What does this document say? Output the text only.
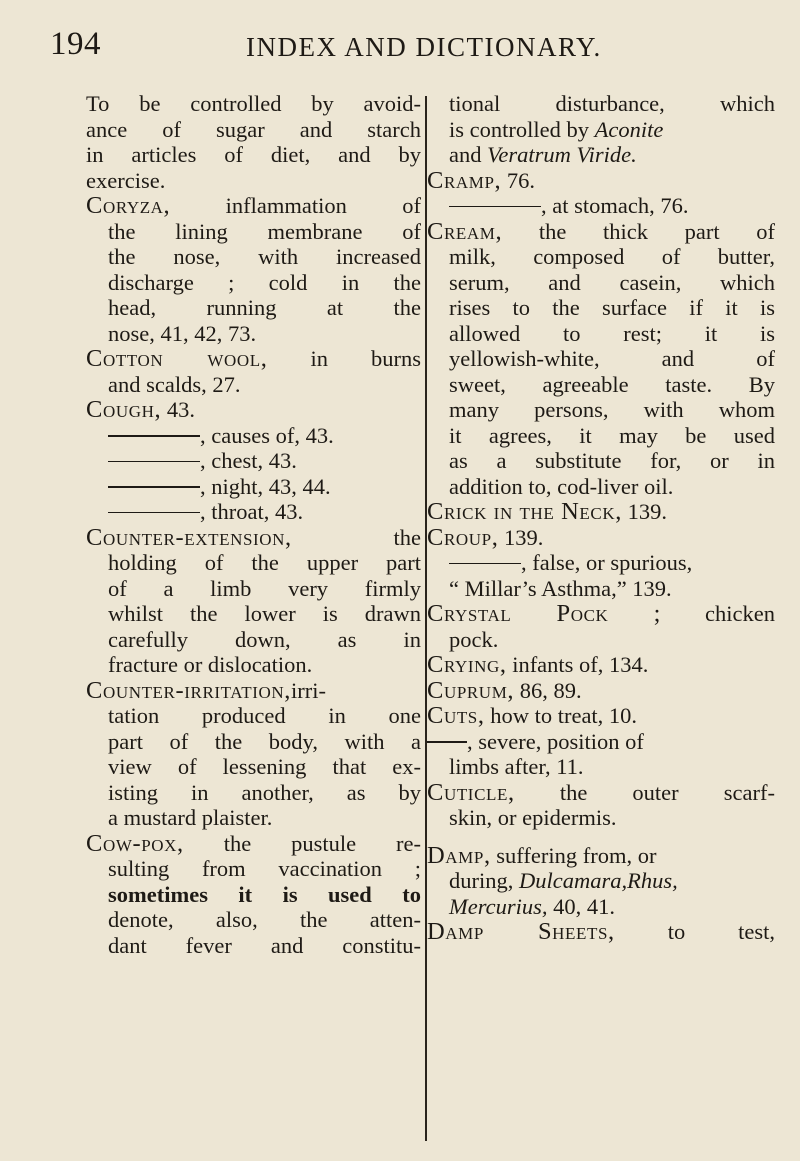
194	INDEX AND DICTIONARY.
To be controlled by avoid-
ance of sugar and starch
in articles of diet, and by
exercise.
Coryza, inflammation of
the lining membrane of
the nose, with increased
discharge ; cold in the
head, running at the
nose, 41, 42, 73.
Cotton wool, in burns
and scalds, 27.
Cough, 43.
, causes of, 43.
, chest, 43.
, night, 43, 44.
, throat, 43.
Counter-extension,	the
holding of the upper part
of a limb very firmly
whilst the lower is drawn
carefully down, as in
fracture or dislocation.
Counter-irritation,irri-
tation produced in one
part of the body, with a
view of lessening that ex-
isting in another, as by
a mustard plaister.
Cow-pox, the pustule re-
sulting from vaccination ;
sometimes it is used to
denote, also, the atten-
dant fever and constitu-
tional disturbance, which
is controlled by Aconite
and Veratrum Viride.
Cramp, 76.
, at stomach, 76.
Cream, the thick part of
milk, composed of butter,
serum, and casein, which
rises to the surface if it is
allowed to rest; it is
yellowish-white, and of
sweet, agreeable taste. By
many persons, with whom
it agrees, it may be used
as a substitute for, or in
addition to, cod-liver oil.
Crick in the Neck, 139.
Croup, 139.
, false, or spurious,
“ Millar’s Asthma,” 139.
Crystal Pock ; chicken
pock.
Crying, infants of, 134.
Cuprum, 86, 89.
Cuts, how to treat, 10.
, severe, position of
limbs after, 11.
Cuticle, the outer scarf-
skin, or epidermis.
Damp, suffering from, or
during, Dulcamara,Rhus,
Mercurius, 40, 41.
Damp Sheets, to test,
